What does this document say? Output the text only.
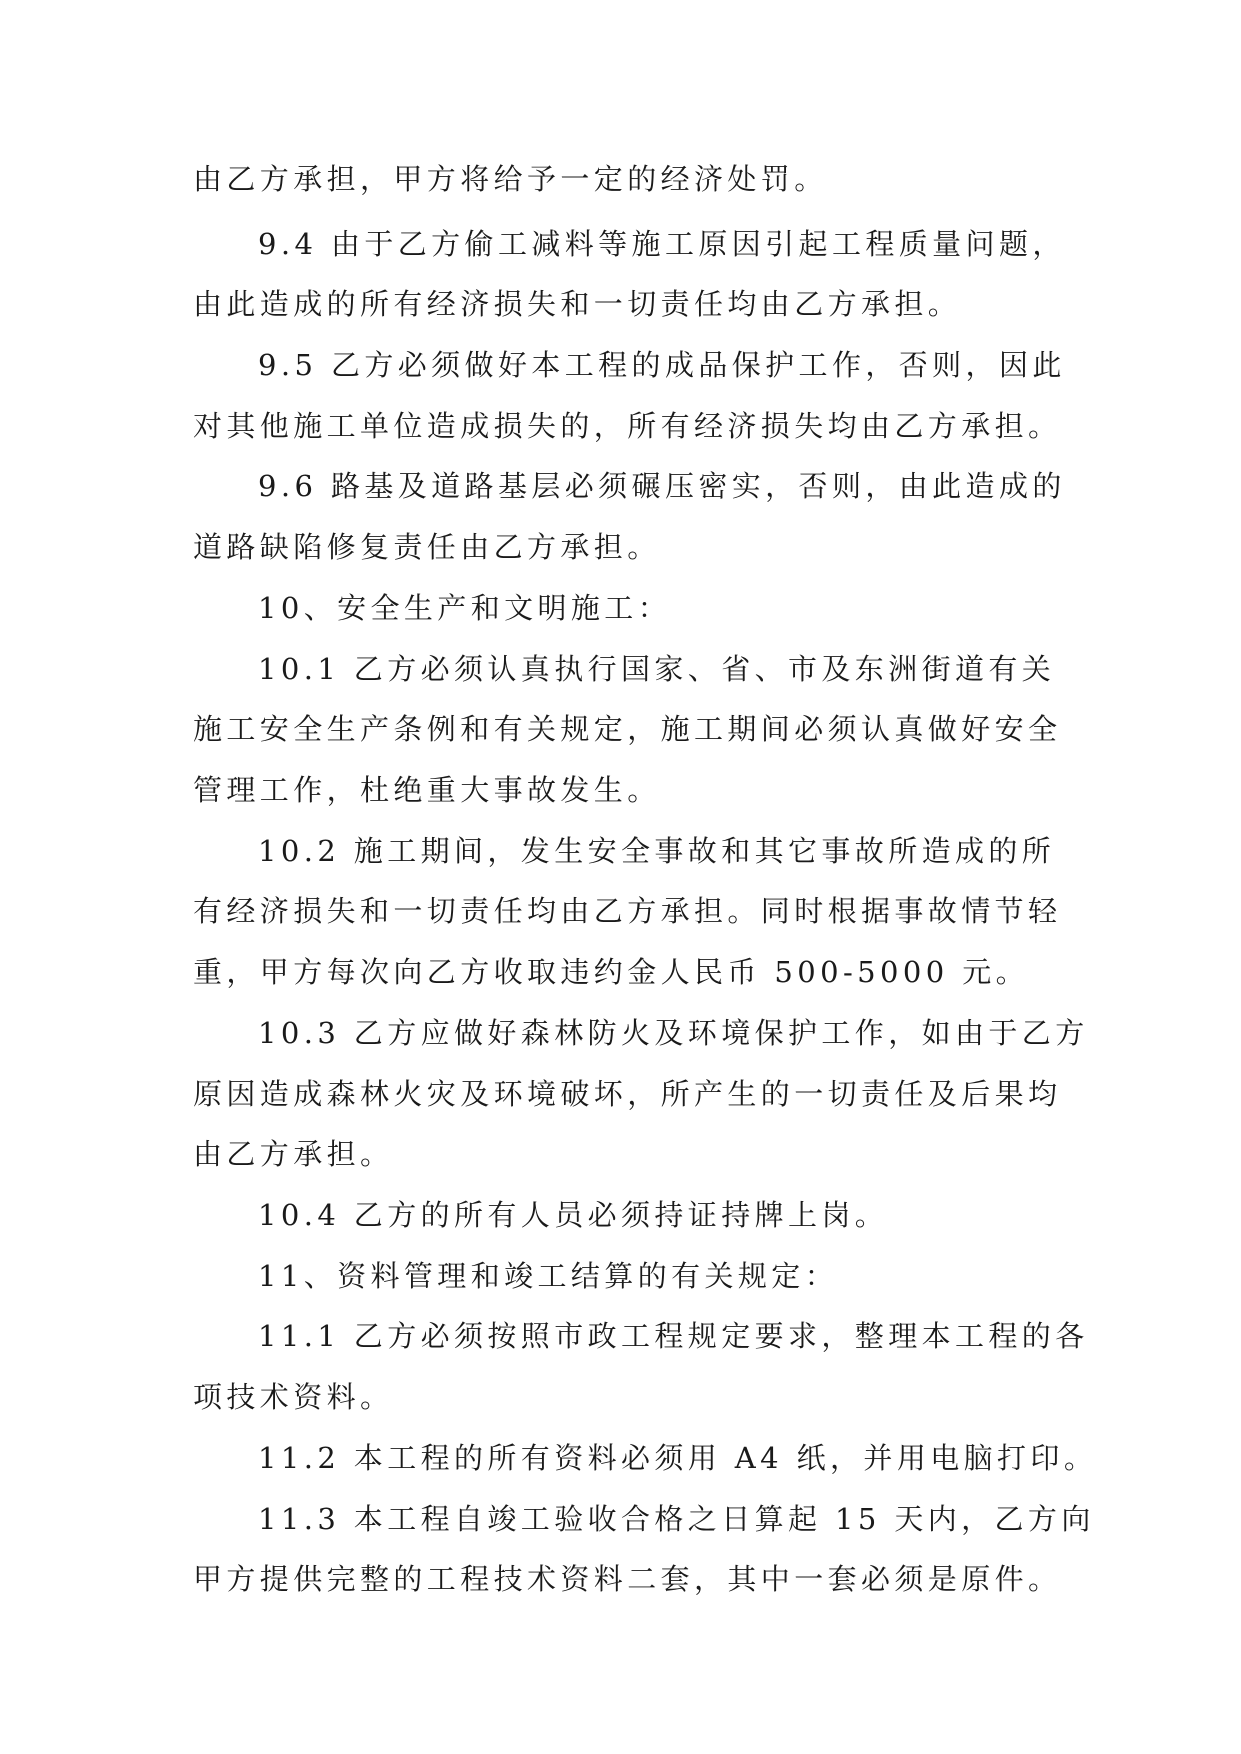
由乙方承担，甲方将给予一定的经济处罚。
9.4 由于乙方偷工减料等施工原因引起工程质量问题，
由此造成的所有经济损失和一切责任均由乙方承担。
9.5 乙方必须做好本工程的成品保护工作，否则，因此
对其他施工单位造成损失的，所有经济损失均由乙方承担。
9.6 路基及道路基层必须碾压密实，否则，由此造成的
道路缺陷修复责任由乙方承担。
10、安全生产和文明施工：
10.1 乙方必须认真执行国家、省、市及东洲街道有关
施工安全生产条例和有关规定，施工期间必须认真做好安全
管理工作，杜绝重大事故发生。
10.2 施工期间，发生安全事故和其它事故所造成的所
有经济损失和一切责任均由乙方承担。同时根据事故情节轻
重，甲方每次向乙方收取违约金人民币 500-5000 元。
10.3 乙方应做好森林防火及环境保护工作，如由于乙方
原因造成森林火灾及环境破坏，所产生的一切责任及后果均
由乙方承担。
10.4 乙方的所有人员必须持证持牌上岗。
11、资料管理和竣工结算的有关规定：
11.1 乙方必须按照市政工程规定要求，整理本工程的各
项技术资料。
11.2 本工程的所有资料必须用 A4 纸，并用电脑打印。
11.3 本工程自竣工验收合格之日算起 15 天内，乙方向
甲方提供完整的工程技术资料二套，其中一套必须是原件。
